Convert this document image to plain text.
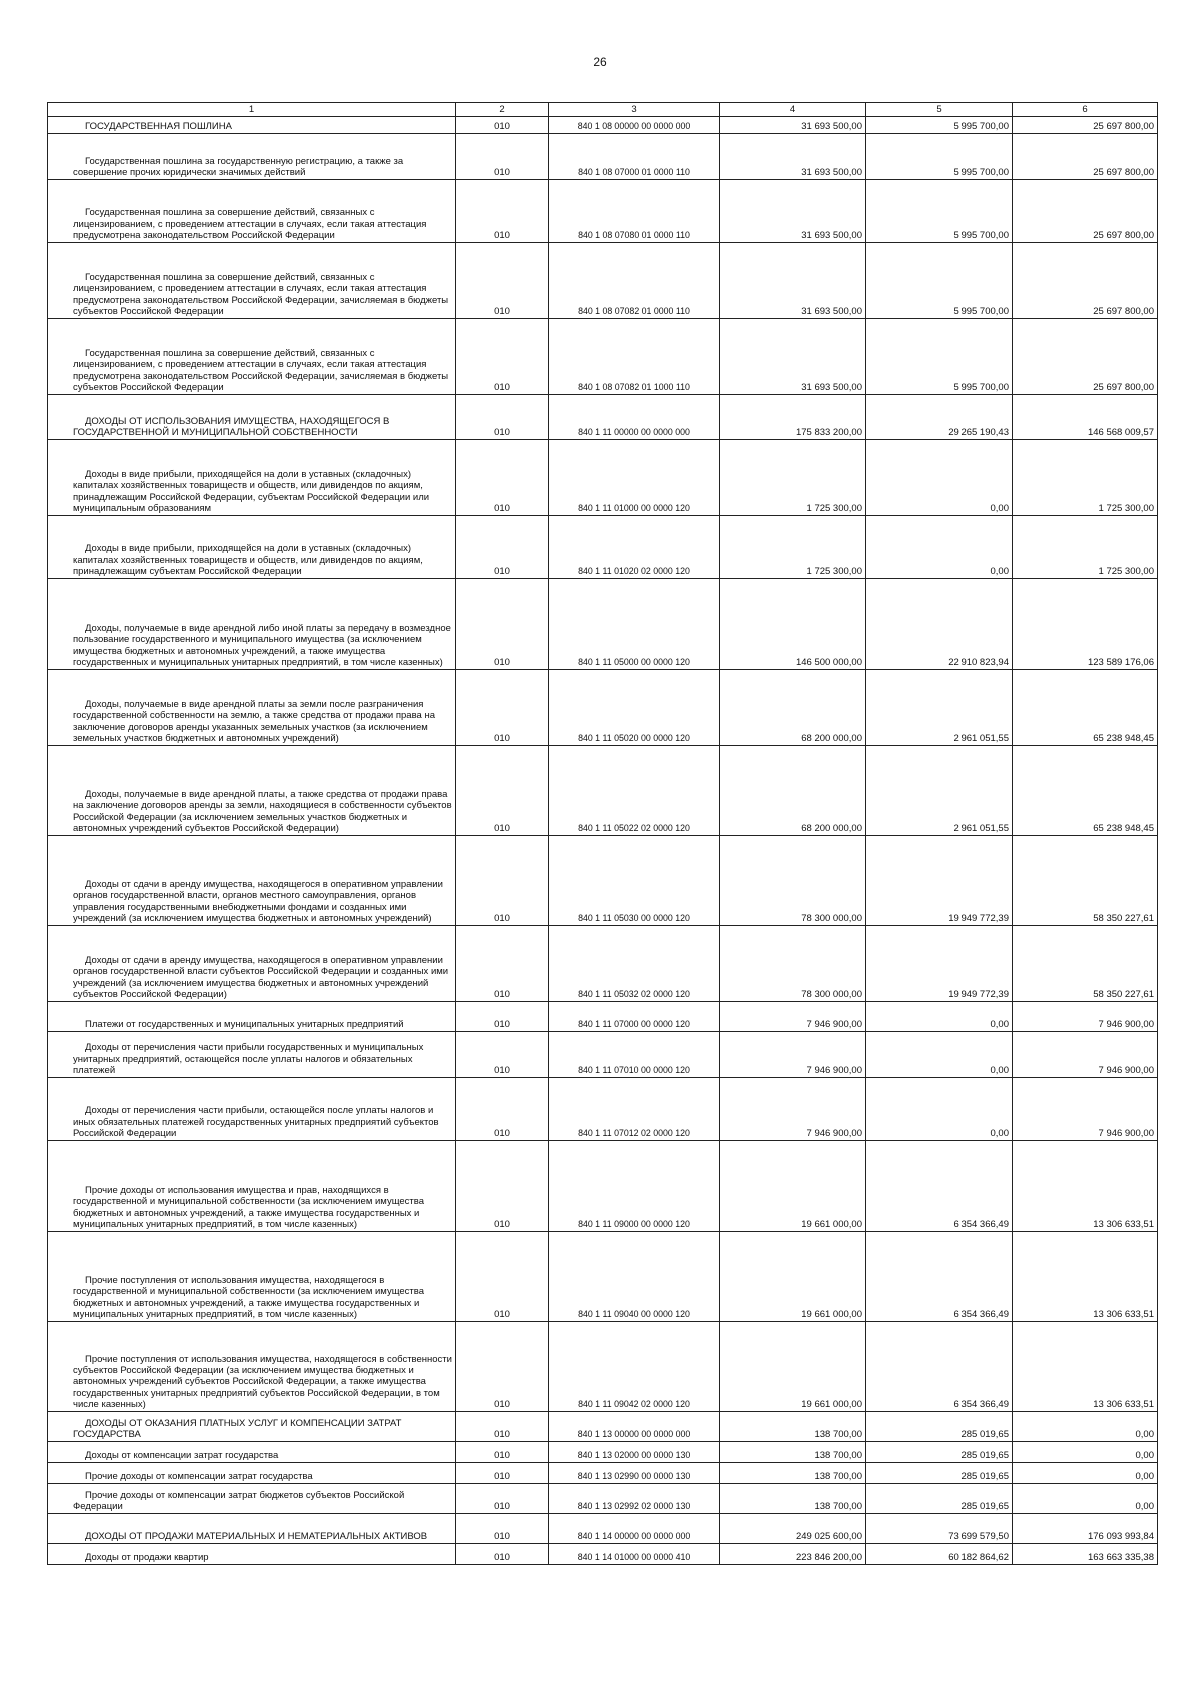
26
1	2	3	4	5	6
ГОСУДАРСТВЕННАЯ ПОШЛИНА	010	840 1 08 00000 00 0000 000	31 693 500,00	5 995 700,00	25 697 800,00
Государственная пошлина за государственную регистрацию, а также за совершение прочих юридически значимых действий	010	840 1 08 07000 01 0000 110	31 693 500,00	5 995 700,00	25 697 800,00
Государственная пошлина за совершение действий, связанных с лицензированием, с проведением аттестации в случаях, если такая аттестация предусмотрена законодательством Российской Федерации	010	840 1 08 07080 01 0000 110	31 693 500,00	5 995 700,00	25 697 800,00
Государственная пошлина за совершение действий, связанных с лицензированием, с проведением аттестации в случаях, если такая аттестация предусмотрена законодательством Российской Федерации, зачисляемая в бюджеты субъектов Российской Федерации	010	840 1 08 07082 01 0000 110	31 693 500,00	5 995 700,00	25 697 800,00
Государственная пошлина за совершение действий, связанных с лицензированием, с проведением аттестации в случаях, если такая аттестация предусмотрена законодательством Российской Федерации, зачисляемая в бюджеты субъектов Российской Федерации	010	840 1 08 07082 01 1000 110	31 693 500,00	5 995 700,00	25 697 800,00
ДОХОДЫ ОТ ИСПОЛЬЗОВАНИЯ ИМУЩЕСТВА, НАХОДЯЩЕГОСЯ В ГОСУДАРСТВЕННОЙ И МУНИЦИПАЛЬНОЙ СОБСТВЕННОСТИ	010	840 1 11 00000 00 0000 000	175 833 200,00	29 265 190,43	146 568 009,57
Доходы в виде прибыли, приходящейся на доли в уставных (складочных) капиталах хозяйственных товариществ и обществ, или дивидендов по акциям, принадлежащим Российской Федерации, субъектам Российской Федерации или муниципальным образованиям	010	840 1 11 01000 00 0000 120	1 725 300,00	0,00	1 725 300,00
Доходы в виде прибыли, приходящейся на доли в уставных (складочных) капиталах хозяйственных товариществ и обществ, или дивидендов по акциям, принадлежащим субъектам Российской Федерации	010	840 1 11 01020 02 0000 120	1 725 300,00	0,00	1 725 300,00
Доходы, получаемые в виде арендной либо иной платы за передачу в возмездное пользование государственного и муниципального имущества (за исключением имущества бюджетных и автономных учреждений, а также имущества государственных и муниципальных унитарных предприятий, в том числе казенных)	010	840 1 11 05000 00 0000 120	146 500 000,00	22 910 823,94	123 589 176,06
Доходы, получаемые в виде арендной платы за земли после разграничения государственной собственности на землю, а также средства от продажи права на заключение договоров аренды указанных земельных участков (за исключением земельных участков бюджетных и автономных учреждений)	010	840 1 11 05020 00 0000 120	68 200 000,00	2 961 051,55	65 238 948,45
Доходы, получаемые в виде арендной платы, а также средства от продажи права на заключение договоров аренды за земли, находящиеся в собственности субъектов Российской Федерации (за исключением земельных участков бюджетных и автономных учреждений субъектов Российской Федерации)	010	840 1 11 05022 02 0000 120	68 200 000,00	2 961 051,55	65 238 948,45
Доходы от сдачи в аренду имущества, находящегося в оперативном управлении органов государственной власти, органов местного самоуправления, органов управления государственными внебюджетными фондами и созданных ими учреждений (за исключением имущества бюджетных и автономных учреждений)	010	840 1 11 05030 00 0000 120	78 300 000,00	19 949 772,39	58 350 227,61
Доходы от сдачи в аренду имущества, находящегося в оперативном управлении органов государственной власти субъектов Российской Федерации и созданных ими учреждений (за исключением имущества бюджетных и автономных учреждений субъектов Российской Федерации)	010	840 1 11 05032 02 0000 120	78 300 000,00	19 949 772,39	58 350 227,61
Платежи от государственных и муниципальных унитарных предприятий	010	840 1 11 07000 00 0000 120	7 946 900,00	0,00	7 946 900,00
Доходы от перечисления части прибыли государственных и муниципальных унитарных предприятий, остающейся после уплаты налогов и обязательных платежей	010	840 1 11 07010 00 0000 120	7 946 900,00	0,00	7 946 900,00
Доходы от перечисления части прибыли, остающейся после уплаты налогов и иных обязательных платежей государственных унитарных предприятий субъектов Российской Федерации	010	840 1 11 07012 02 0000 120	7 946 900,00	0,00	7 946 900,00
Прочие доходы от использования имущества и прав, находящихся в государственной и муниципальной собственности (за исключением имущества бюджетных и автономных учреждений, а также имущества государственных и муниципальных унитарных предприятий, в том числе казенных)	010	840 1 11 09000 00 0000 120	19 661 000,00	6 354 366,49	13 306 633,51
Прочие поступления от использования имущества, находящегося в государственной и муниципальной собственности (за исключением имущества бюджетных и автономных учреждений, а также имущества государственных и муниципальных унитарных предприятий, в том числе казенных)	010	840 1 11 09040 00 0000 120	19 661 000,00	6 354 366,49	13 306 633,51
Прочие поступления от использования имущества, находящегося в собственности субъектов Российской Федерации (за исключением имущества бюджетных и автономных учреждений субъектов Российской Федерации, а также имущества государственных унитарных предприятий субъектов Российской Федерации, в том числе казенных)	010	840 1 11 09042 02 0000 120	19 661 000,00	6 354 366,49	13 306 633,51
ДОХОДЫ ОТ ОКАЗАНИЯ ПЛАТНЫХ УСЛУГ И КОМПЕНСАЦИИ ЗАТРАТ ГОСУДАРСТВА	010	840 1 13 00000 00 0000 000	138 700,00	285 019,65	0,00
Доходы от компенсации затрат государства	010	840 1 13 02000 00 0000 130	138 700,00	285 019,65	0,00
Прочие доходы от компенсации затрат государства	010	840 1 13 02990 00 0000 130	138 700,00	285 019,65	0,00
Прочие доходы от компенсации затрат бюджетов субъектов Российской Федерации	010	840 1 13 02992 02 0000 130	138 700,00	285 019,65	0,00
ДОХОДЫ ОТ ПРОДАЖИ МАТЕРИАЛЬНЫХ И НЕМАТЕРИАЛЬНЫХ АКТИВОВ	010	840 1 14 00000 00 0000 000	249 025 600,00	73 699 579,50	176 093 993,84
Доходы от продажи квартир	010	840 1 14 01000 00 0000 410	223 846 200,00	60 182 864,62	163 663 335,38
